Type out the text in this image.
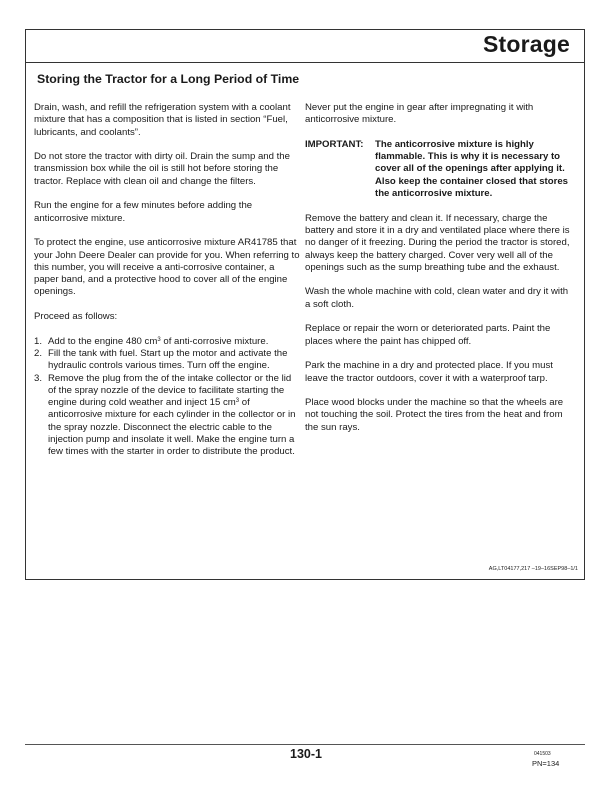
Storage
Storing the Tractor for a Long Period of Time

Drain, wash, and refill the refrigeration system with a coolant mixture that has a composition that is listed in section “Fuel, lubricants, and coolants”.

Do not store the tractor with dirty oil. Drain the sump and the transmission box while the oil is still hot before storing the tractor. Replace with clean oil and change the filters.

Run the engine for a few minutes before adding the anticorrosive mixture.

To protect the engine, use anticorrosive mixture AR41785 that your John Deere Dealer can provide for you. When referring to this number, you will receive a anti-corrosive container, a paper band, and a protective hood to cover all of the engine openings.

Proceed as follows:

1. Add to the engine 480 $cm^3$ of anti-corrosive mixture.
2. Fill the tank with fuel. Start up the motor and activate the hydraulic controls various times. Turn off the engine.
3. Remove the plug from the of the intake collector or the lid of the spray nozzle of the device to facilitate starting the engine during cold weather and inject 15 $cm^3$ of anticorrosive mixture for each cylinder in the collector or in the spray nozzle. Disconnect the electric cable to the injection pump and insolate it well. Make the engine turn a few times with the starter in order to distribute the product.

Never put the engine in gear after impregnating it with anticorrosive mixture.

IMPORTANT: The anticorrosive mixture is highly flammable. This is why it is necessary to cover all of the openings after applying it. Also keep the container closed that stores the anticorrosive mixture.

Remove the battery and clean it. If necessary, charge the battery and store it in a dry and ventilated place where there is no danger of it freezing. During the period the tractor is stored, always keep the battery charged. Cover very well all of the openings such as the sump breathing tube and the exhaust.

Wash the whole machine with cold, clean water and dry it with a soft cloth.

Replace or repair the worn or deteriorated parts. Paint the places where the paint has chipped off.

Park the machine in a dry and protected place. If you must leave the tractor outdoors, cover it with a waterproof tarp.

Place wood blocks under the machine so that the wheels are not touching the soil. Protect the tires from the heat and from the sun rays.

AG,LT04177,217 –19–16SEP98–1/1
130-1	041503
PN=134
